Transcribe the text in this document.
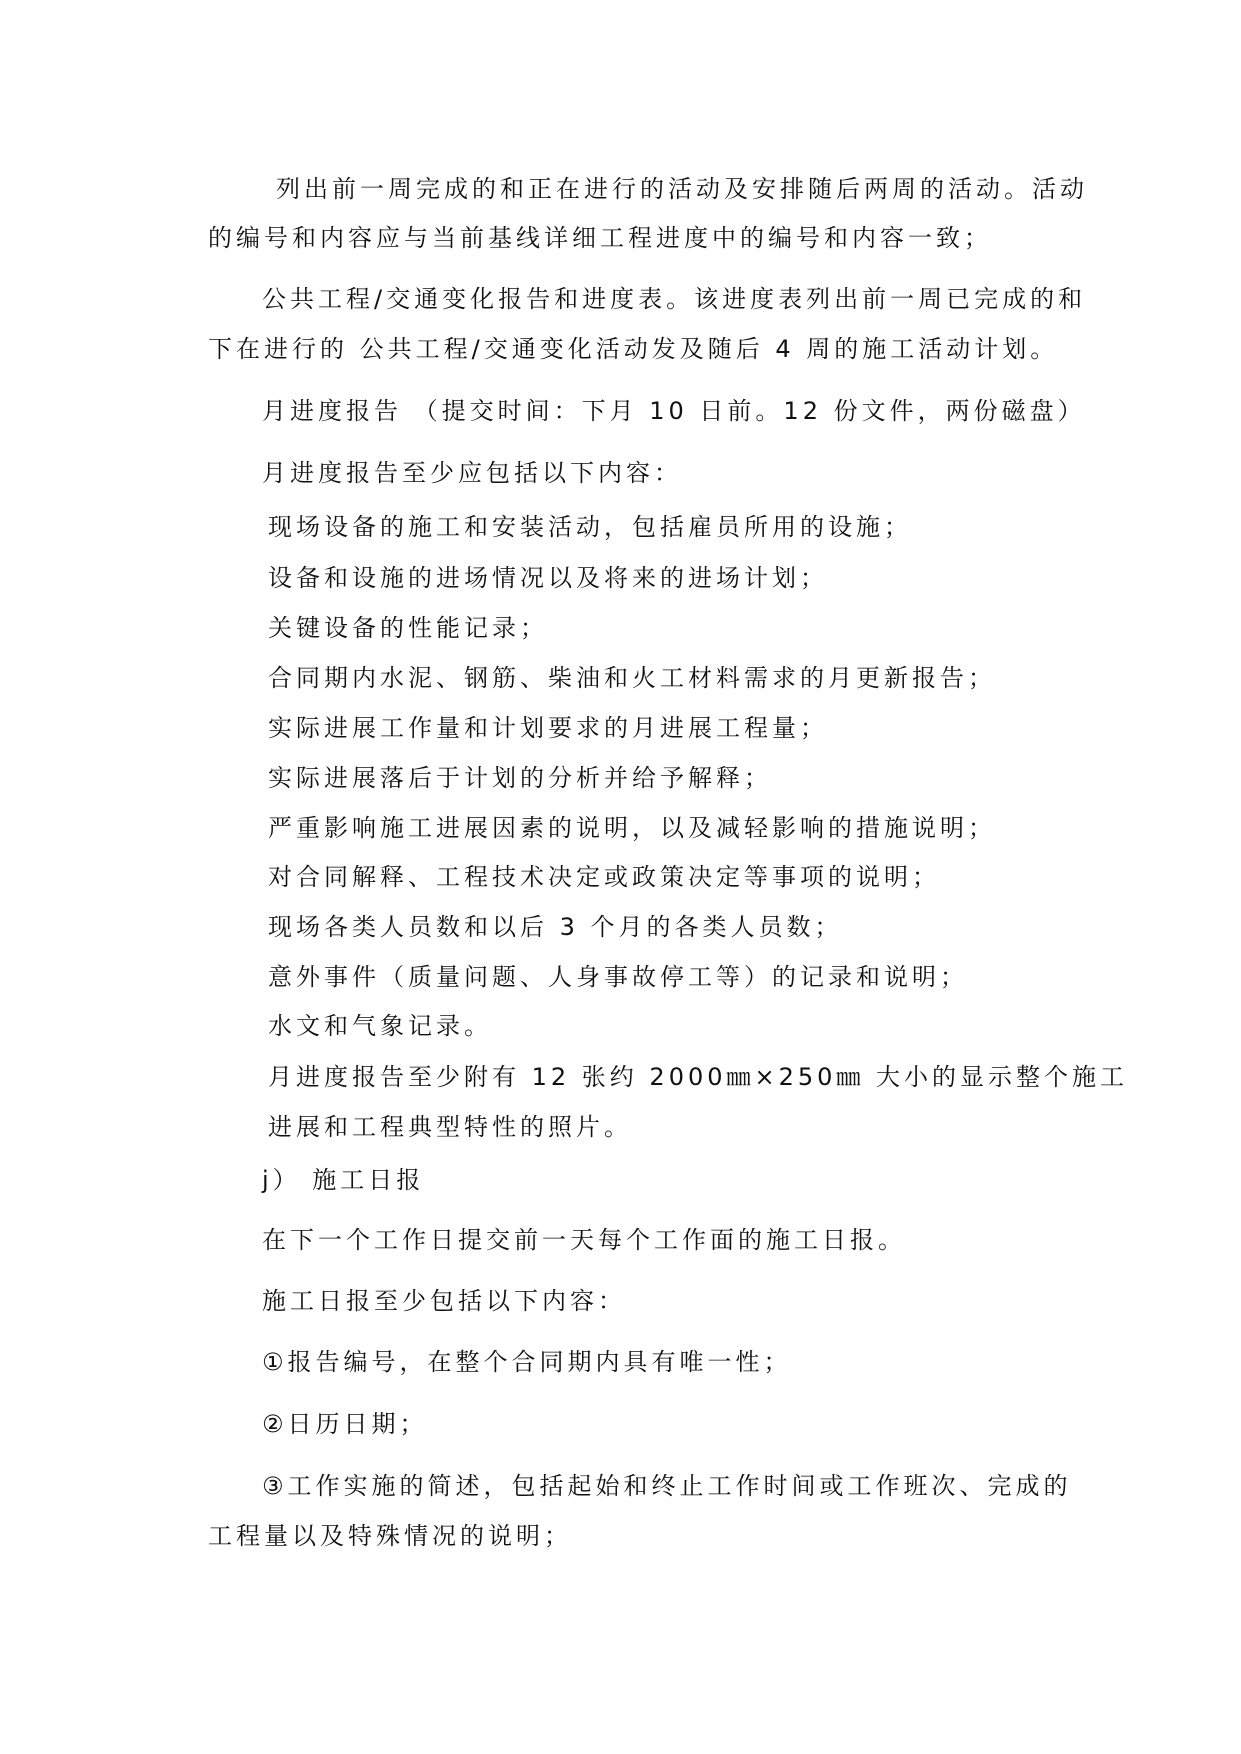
列出前一周完成的和正在进行的活动及安排随后两周的活动。活动
的编号和内容应与当前基线详细工程进度中的编号和内容一致；
公共工程/交通变化报告和进度表。该进度表列出前一周已完成的和
下在进行的 公共工程/交通变化活动发及随后 4 周的施工活动计划。
月进度报告 （提交时间：下月 10 日前。12 份文件，两份磁盘）
月进度报告至少应包括以下内容：
现场设备的施工和安装活动，包括雇员所用的设施；
设备和设施的进场情况以及将来的进场计划；
关键设备的性能记录；
合同期内水泥、钢筋、柴油和火工材料需求的月更新报告；
实际进展工作量和计划要求的月进展工程量；
实际进展落后于计划的分析并给予解释；
严重影响施工进展因素的说明，以及减轻影响的措施说明；
对合同解释、工程技术决定或政策决定等事项的说明；
现场各类人员数和以后 3 个月的各类人员数；
意外事件（质量问题、人身事故停工等）的记录和说明；
水文和气象记录。
月进度报告至少附有 12 张约 2000㎜×250㎜ 大小的显示整个施工
进展和工程典型特性的照片。
j） 施工日报
在下一个工作日提交前一天每个工作面的施工日报。
施工日报至少包括以下内容：
①报告编号，在整个合同期内具有唯一性；
②日历日期；
③工作实施的简述，包括起始和终止工作时间或工作班次、完成的
工程量以及特殊情况的说明；
